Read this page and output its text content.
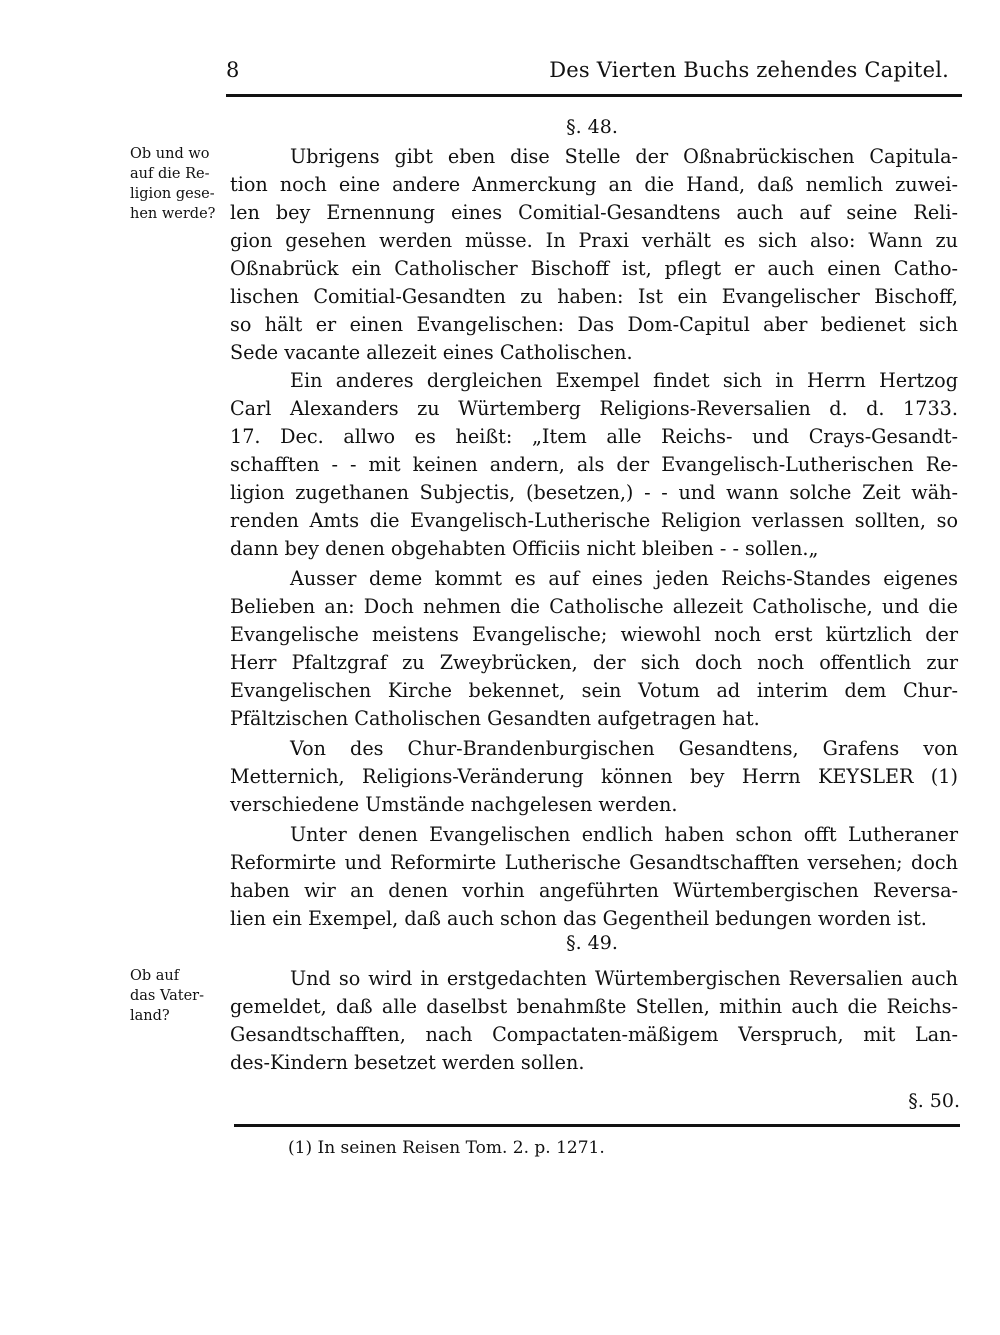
8	Des Vierten Buchs zehendes Capitel.
§. 48.
Ob und wo
auf die Re-
ligion gese-
hen werde?
Ubrigens gibt eben dise Stelle der Oßnabrückischen Capitula-
tion noch eine andere Anmerckung an die Hand, daß nemlich zuwei-
len bey Ernennung eines Comitial-Gesandtens auch auf seine Reli-
gion gesehen werden müsse. In Praxi verhält es sich also: Wann zu
Oßnabrück ein Catholischer Bischoff ist, pflegt er auch einen Catho-
lischen Comitial-Gesandten zu haben: Ist ein Evangelischer Bischoff,
so hält er einen Evangelischen: Das Dom-Capitul aber bedienet sich
Sede vacante allezeit eines Catholischen.
Ein anderes dergleichen Exempel findet sich in Herrn Hertzog
Carl Alexanders zu Würtemberg Religions-Reversalien d. d. 1733.
17. Dec. allwo es heißt: „Item alle Reichs- und Crays-Gesandt-
schafften - - mit keinen andern, als der Evangelisch-Lutherischen Re-
ligion zugethanen Subjectis, (besetzen,) - - und wann solche Zeit wäh-
renden Amts die Evangelisch-Lutherische Religion verlassen sollten, so
dann bey denen obgehabten Officiis nicht bleiben - - sollen.„
Ausser deme kommt es auf eines jeden Reichs-Standes eigenes
Belieben an: Doch nehmen die Catholische allezeit Catholische, und die
Evangelische meistens Evangelische; wiewohl noch erst kürtzlich der
Herr Pfaltzgraf zu Zweybrücken, der sich doch noch offentlich zur
Evangelischen Kirche bekennet, sein Votum ad interim dem Chur-
Pfältzischen Catholischen Gesandten aufgetragen hat.
Von des Chur-Brandenburgischen Gesandtens, Grafens von
Metternich, Religions-Veränderung können bey Herrn KEYSLER (1)
verschiedene Umstände nachgelesen werden.
Unter denen Evangelischen endlich haben schon offt Lutheraner
Reformirte und Reformirte Lutherische Gesandtschafften versehen; doch
haben wir an denen vorhin angeführten Würtembergischen Reversa-
lien ein Exempel, daß auch schon das Gegentheil bedungen worden ist.
§. 49.
Ob auf
das Vater-
land?
Und so wird in erstgedachten Würtembergischen Reversalien auch
gemeldet, daß alle daselbst benahmßte Stellen, mithin auch die Reichs-
Gesandtschafften, nach Compactaten-mäßigem Verspruch, mit Lan-
des-Kindern besetzet werden sollen.
§. 50.
(1) In seinen Reisen Tom. 2. p. 1271.
